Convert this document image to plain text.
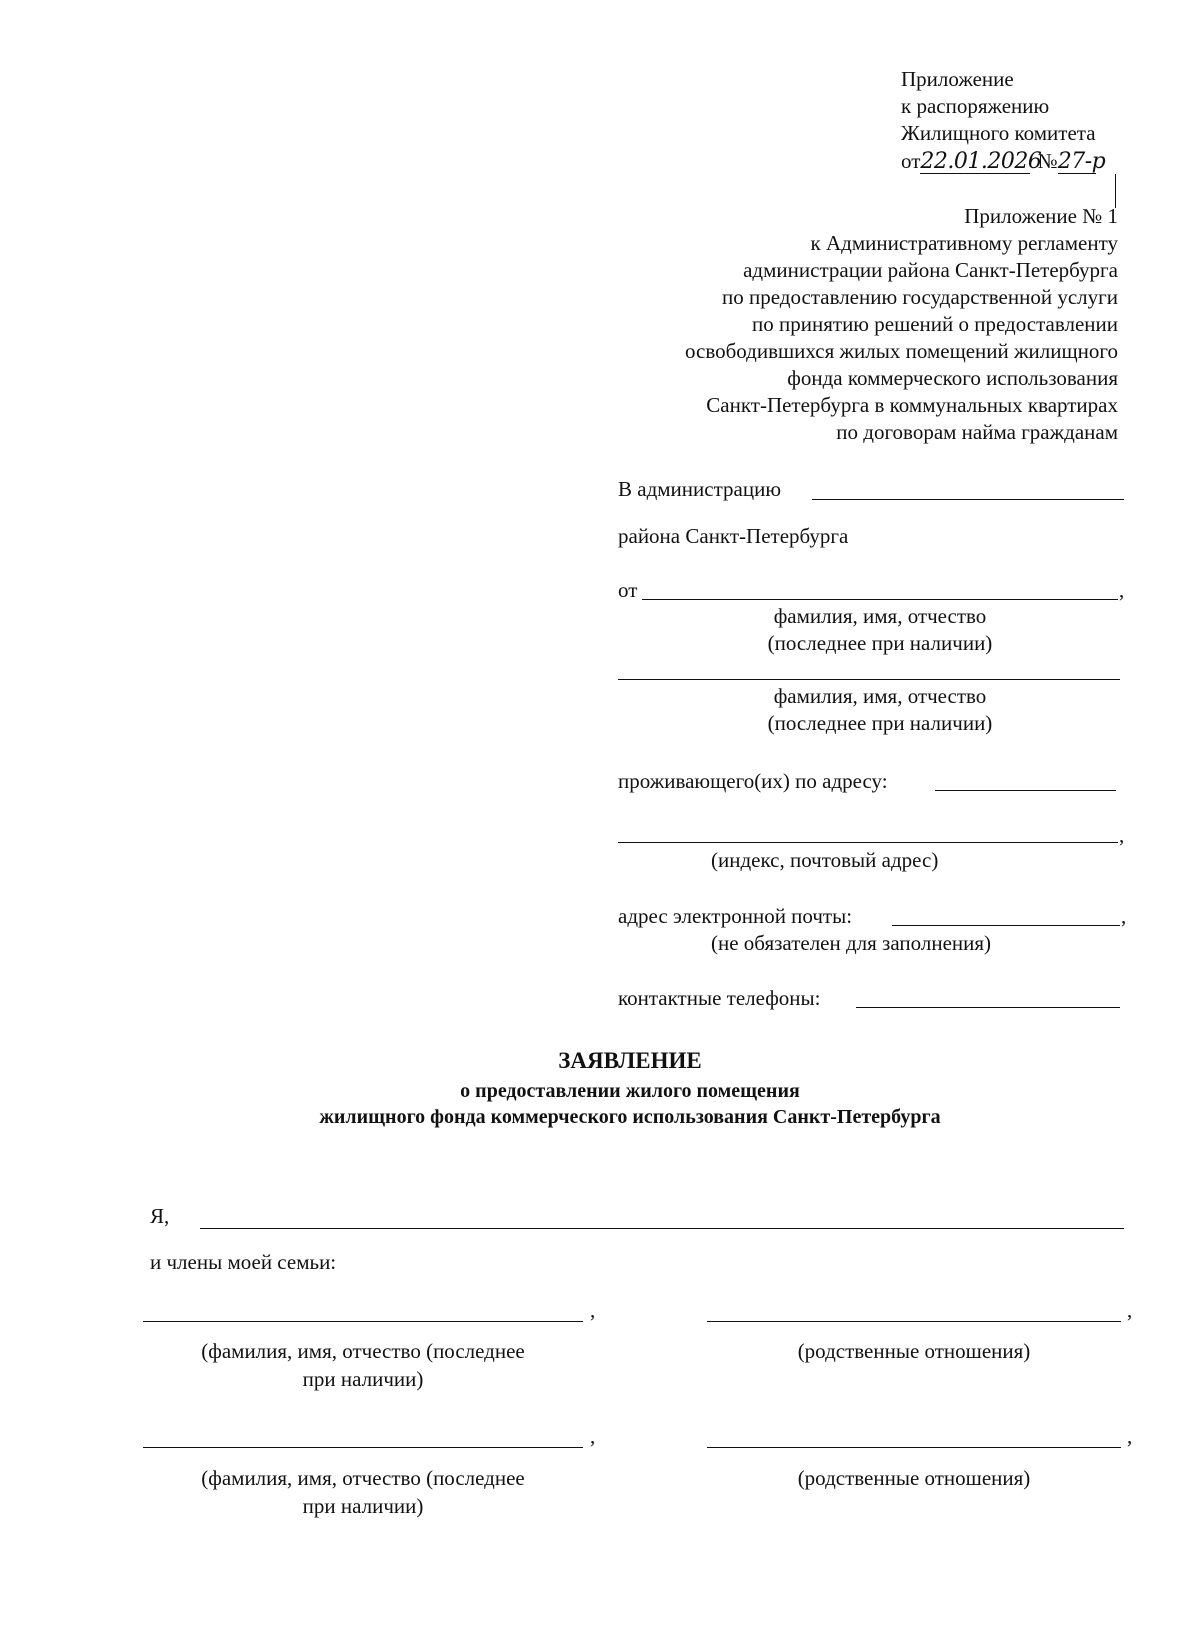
Приложение
к распоряжению
Жилищного комитета
от22.01.2026 №27-р
Приложение № 1
к Административному регламенту
администрации района Санкт-Петербурга
по предоставлению государственной услуги
по принятию решений о предоставлении
освободившихся жилых помещений жилищного
фонда коммерческого использования
Санкт-Петербурга в коммунальных квартирах
по договорам найма гражданам
В администрацию
района Санкт-Петербурга
от	,
фамилия, имя, отчество
(последнее при наличии)
фамилия, имя, отчество
(последнее при наличии)
проживающего(их) по адресу:
,
(индекс, почтовый адрес)
адрес электронной почты:	,
(не обязателен для заполнения)
контактные телефоны:
ЗАЯВЛЕНИЕ
о предоставлении жилого помещения
жилищного фонда коммерческого использования Санкт-Петербурга
Я,
и члены моей семьи:
,	,
(фамилия, имя, отчество (последнее
при наличии)
(родственные отношения)
,	,
(фамилия, имя, отчество (последнее
при наличии)
(родственные отношения)
